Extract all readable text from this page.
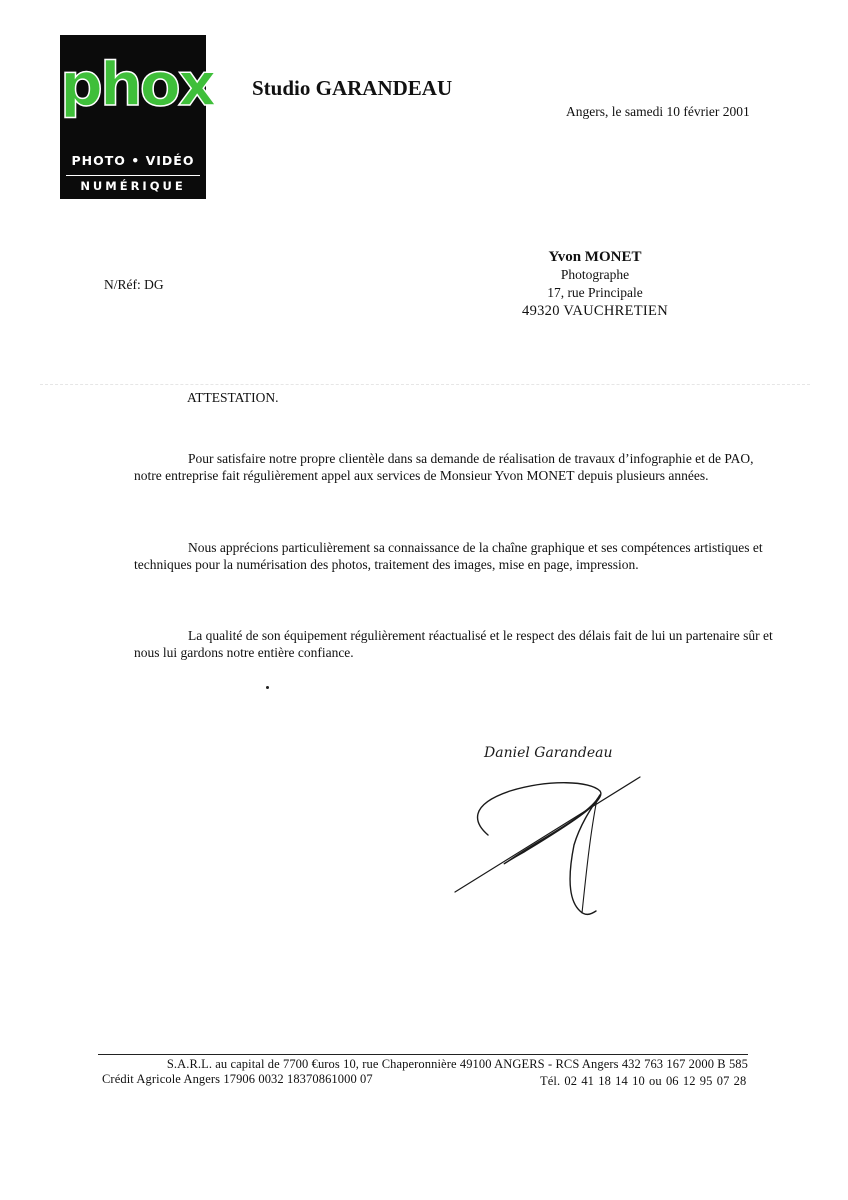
phox
PHOTO • VIDÉO
NUMÉRIQUE
Studio GARANDEAU
Angers, le samedi 10 février 2001
N/Réf: DG
Yvon MONET
Photographe
17, rue Principale
49320 VAUCHRETIEN
ATTESTATION.
Pour satisfaire notre propre clientèle dans sa demande de réalisation de travaux d’infographie et de PAO, notre entreprise fait régulièrement appel aux services de Monsieur Yvon MONET depuis plusieurs années.
Nous apprécions particulièrement sa connaissance de la chaîne graphique et ses compétences artistiques et techniques pour la numérisation des photos, traitement des images, mise en page, impression.
La qualité de son équipement régulièrement réactualisé et le respect des délais fait de lui un partenaire sûr et nous lui gardons notre entière confiance.
Daniel Garandeau
S.A.R.L. au capital de 7700 €uros 10, rue Chaperonnière 49100 ANGERS - RCS Angers 432 763 167 2000 B 585
Crédit Agricole Angers 17906 0032 18370861000 07	Tél. 02 41 18 14 10 ou 06 12 95 07 28
